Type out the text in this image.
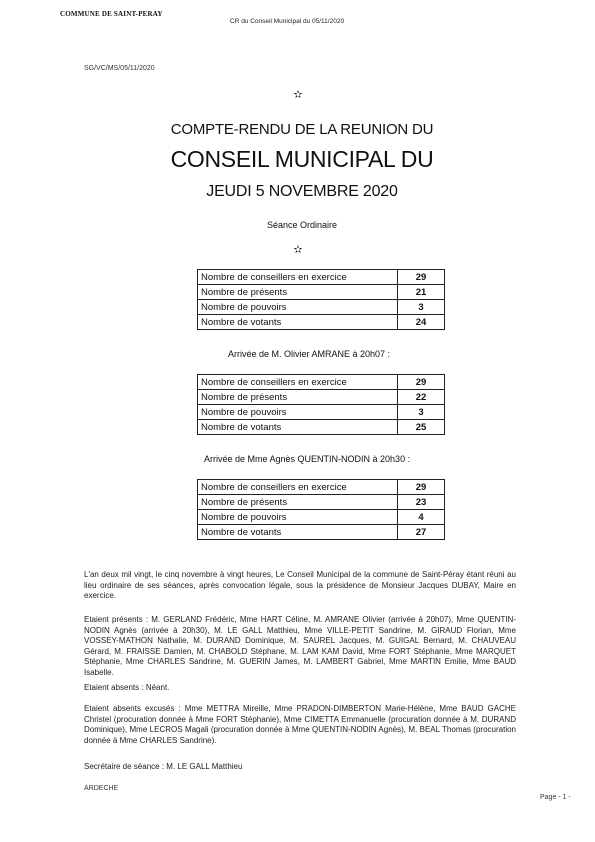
COMMUNE DE SAINT-PERAY
CR du Conseil Municipal du 05/11/2020
SG/VC/MS/05/11/2020
✫
COMPTE-RENDU DE LA REUNION DU
CONSEIL MUNICIPAL DU
JEUDI 5 NOVEMBRE 2020
Séance Ordinaire
✫
Nombre de conseillers en exercice	29
Nombre de présents	21
Nombre de pouvoirs	3
Nombre de votants	24
Arrivée de M. Olivier AMRANE à 20h07 :
Nombre de conseillers en exercice	29
Nombre de présents	22
Nombre de pouvoirs	3
Nombre de votants	25
Arrivée de Mme Agnès QUENTIN-NODIN à 20h30 :
Nombre de conseillers en exercice	29
Nombre de présents	23
Nombre de pouvoirs	4
Nombre de votants	27

L'an deux mil vingt, le cinq novembre à vingt heures, Le Conseil Municipal de la commune de Saint-Péray étant réuni au lieu ordinaire de ses séances, après convocation légale, sous la présidence de Monsieur Jacques DUBAY, Maire en exercice.

Etaient présents : M. GERLAND Frédéric, Mme HART Céline, M. AMRANE Olivier (arrivée à 20h07), Mme QUENTIN-NODIN Agnès (arrivée à 20h30), M. LE GALL Matthieu, Mme VILLE-PETIT Sandrine, M. GIRAUD Florian, Mme VOSSEY-MATHON Nathalie, M. DURAND Dominique, M. SAUREL Jacques, M. GUIGAL Bernard, M. CHAUVEAU Gérard, M. FRAISSE Damien, M. CHABOLD Stéphane, M. LAM KAM David, Mme FORT Stéphanie, Mme MARQUET Stéphanie, Mme CHARLES Sandrine, M. GUERIN James, M. LAMBERT Gabriel, Mme MARTIN Emilie, Mme BAUD Isabelle.

Etaient absents : Néant.

Etaient absents excusés : Mme METTRA Mireille, Mme PRADON-DIMBERTON Marie-Hélène, Mme BAUD GACHE Christel (procuration donnée à Mme FORT Stéphanie), Mme CIMETTA Emmanuelle (procuration donnée à M. DURAND Dominique), Mme LECROS Magali (procuration donnée à Mme QUENTIN-NODIN Agnès), M. BEAL Thomas (procuration donnée à Mme CHARLES Sandrine).

Secrétaire de séance : M. LE GALL Matthieu

ARDECHE
Page - 1 -
